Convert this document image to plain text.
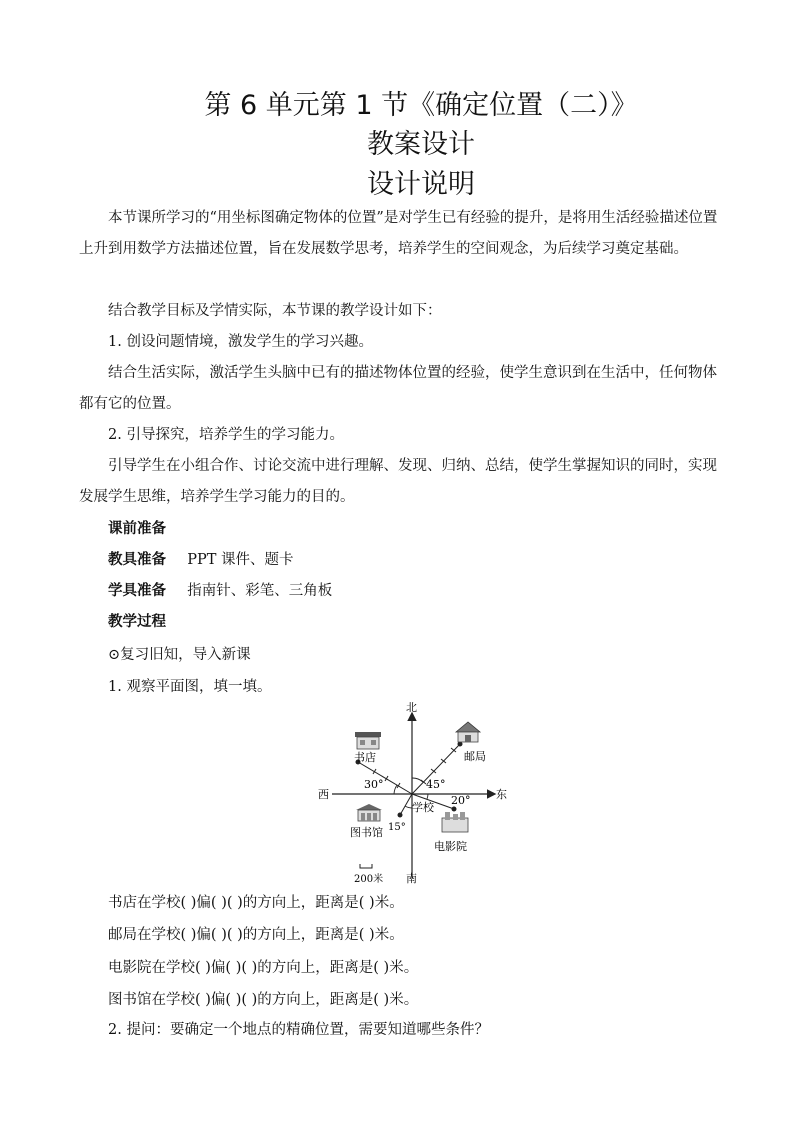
第 6 单元第 1 节《确定位置（二）》
教案设计
设计说明
本节课所学习的“用坐标图确定物体的位置”是对学生已有经验的提升，是将用生活经验描述位置上升到用数学方法描述位置，旨在发展数学思考，培养学生的空间观念，为后续学习奠定基础。
结合教学目标及学情实际，本节课的教学设计如下：
1. 创设问题情境，激发学生的学习兴趣。
结合生活实际，激活学生头脑中已有的描述物体位置的经验，使学生意识到在生活中，任何物体都有它的位置。
2. 引导探究，培养学生的学习能力。
引导学生在小组合作、讨论交流中进行理解、发现、归纳、总结，使学生掌握知识的同时，实现发展学生思维，培养学生学习能力的目的。
课前准备
教具准备 PPT 课件、题卡
学具准备 指南针、彩笔、三角板
教学过程
⊙复习旧知，导入新课
1. 观察平面图，填一填。
北
南
东
西
30°	45°
20°
15°
学校
书店	邮局
电影院
图书馆
200米
书店在学校( )偏( )( )的方向上，距离是( )米。
邮局在学校( )偏( )( )的方向上，距离是( )米。
电影院在学校( )偏( )( )的方向上，距离是( )米。
图书馆在学校( )偏( )( )的方向上，距离是( )米。
2. 提问：要确定一个地点的精确位置，需要知道哪些条件？
